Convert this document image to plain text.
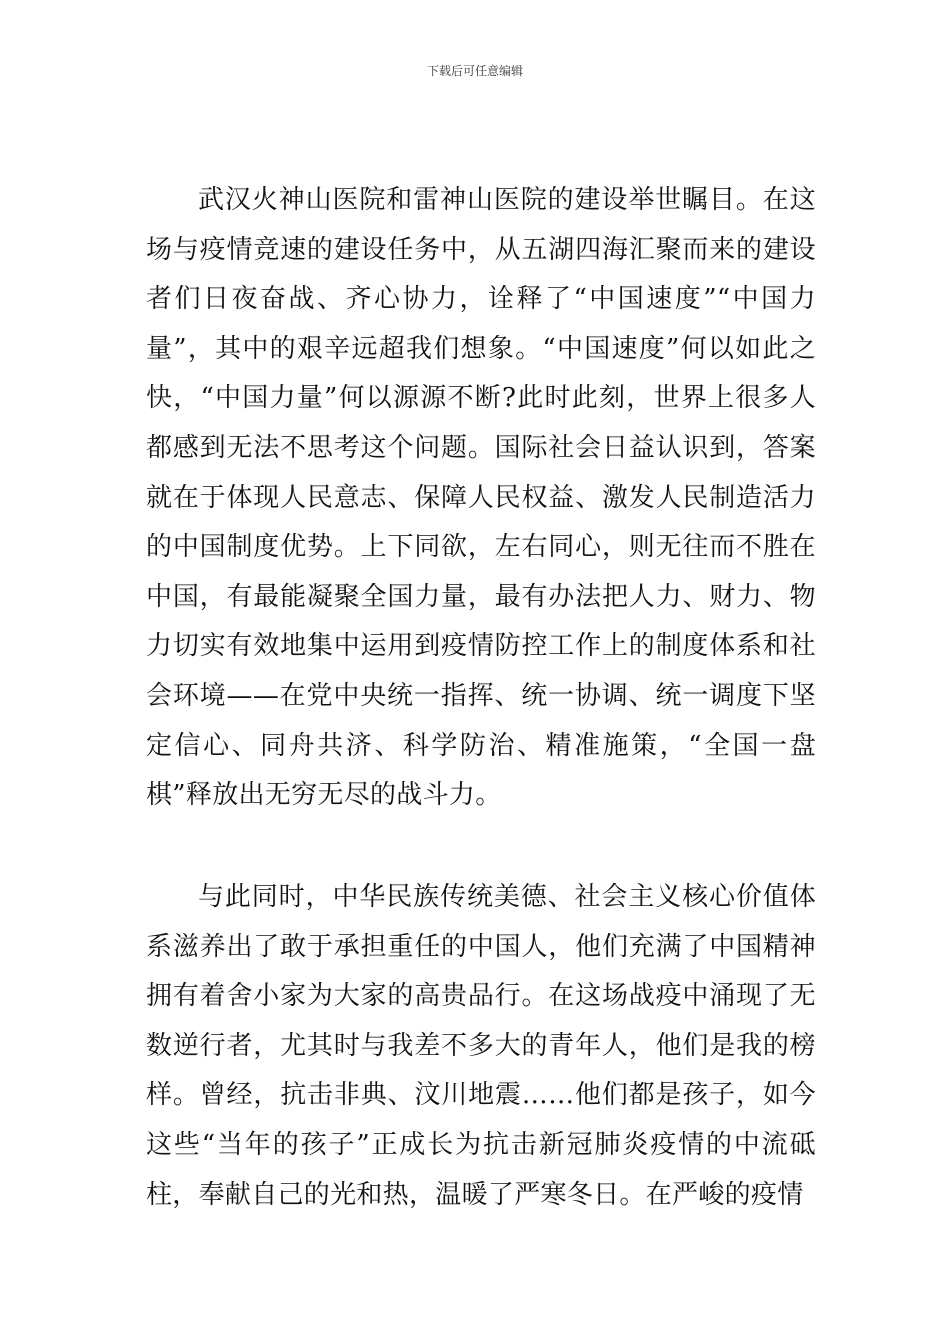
下载后可任意编辑

武汉火神山医院和雷神山医院的建设举世瞩目。在这场与疫情竞速的建设任务中，从五湖四海汇聚而来的建设者们日夜奋战、齐心协力，诠释了“中国速度”“中国力量”，其中的艰辛远超我们想象。“中国速度”何以如此之快，“中国力量”何以源源不断?此时此刻，世界上很多人都感到无法不思考这个问题。国际社会日益认识到，答案就在于体现人民意志、保障人民权益、激发人民制造活力的中国制度优势。上下同欲，左右同心，则无往而不胜在中国，有最能凝聚全国力量，最有办法把人力、财力、物力切实有效地集中运用到疫情防控工作上的制度体系和社会环境——在党中央统一指挥、统一协调、统一调度下坚定信心、同舟共济、科学防治、精准施策，“全国一盘棋”释放出无穷无尽的战斗力。

与此同时，中华民族传统美德、社会主义核心价值体系滋养出了敢于承担重任的中国人，他们充满了中国精神拥有着舍小家为大家的高贵品行。在这场战疫中涌现了无数逆行者，尤其时与我差不多大的青年人，他们是我的榜样。曾经，抗击非典、汶川地震……他们都是孩子，如今这些“当年的孩子”正成长为抗击新冠肺炎疫情的中流砥柱，奉献自己的光和热，温暖了严寒冬日。在严峻的疫情
